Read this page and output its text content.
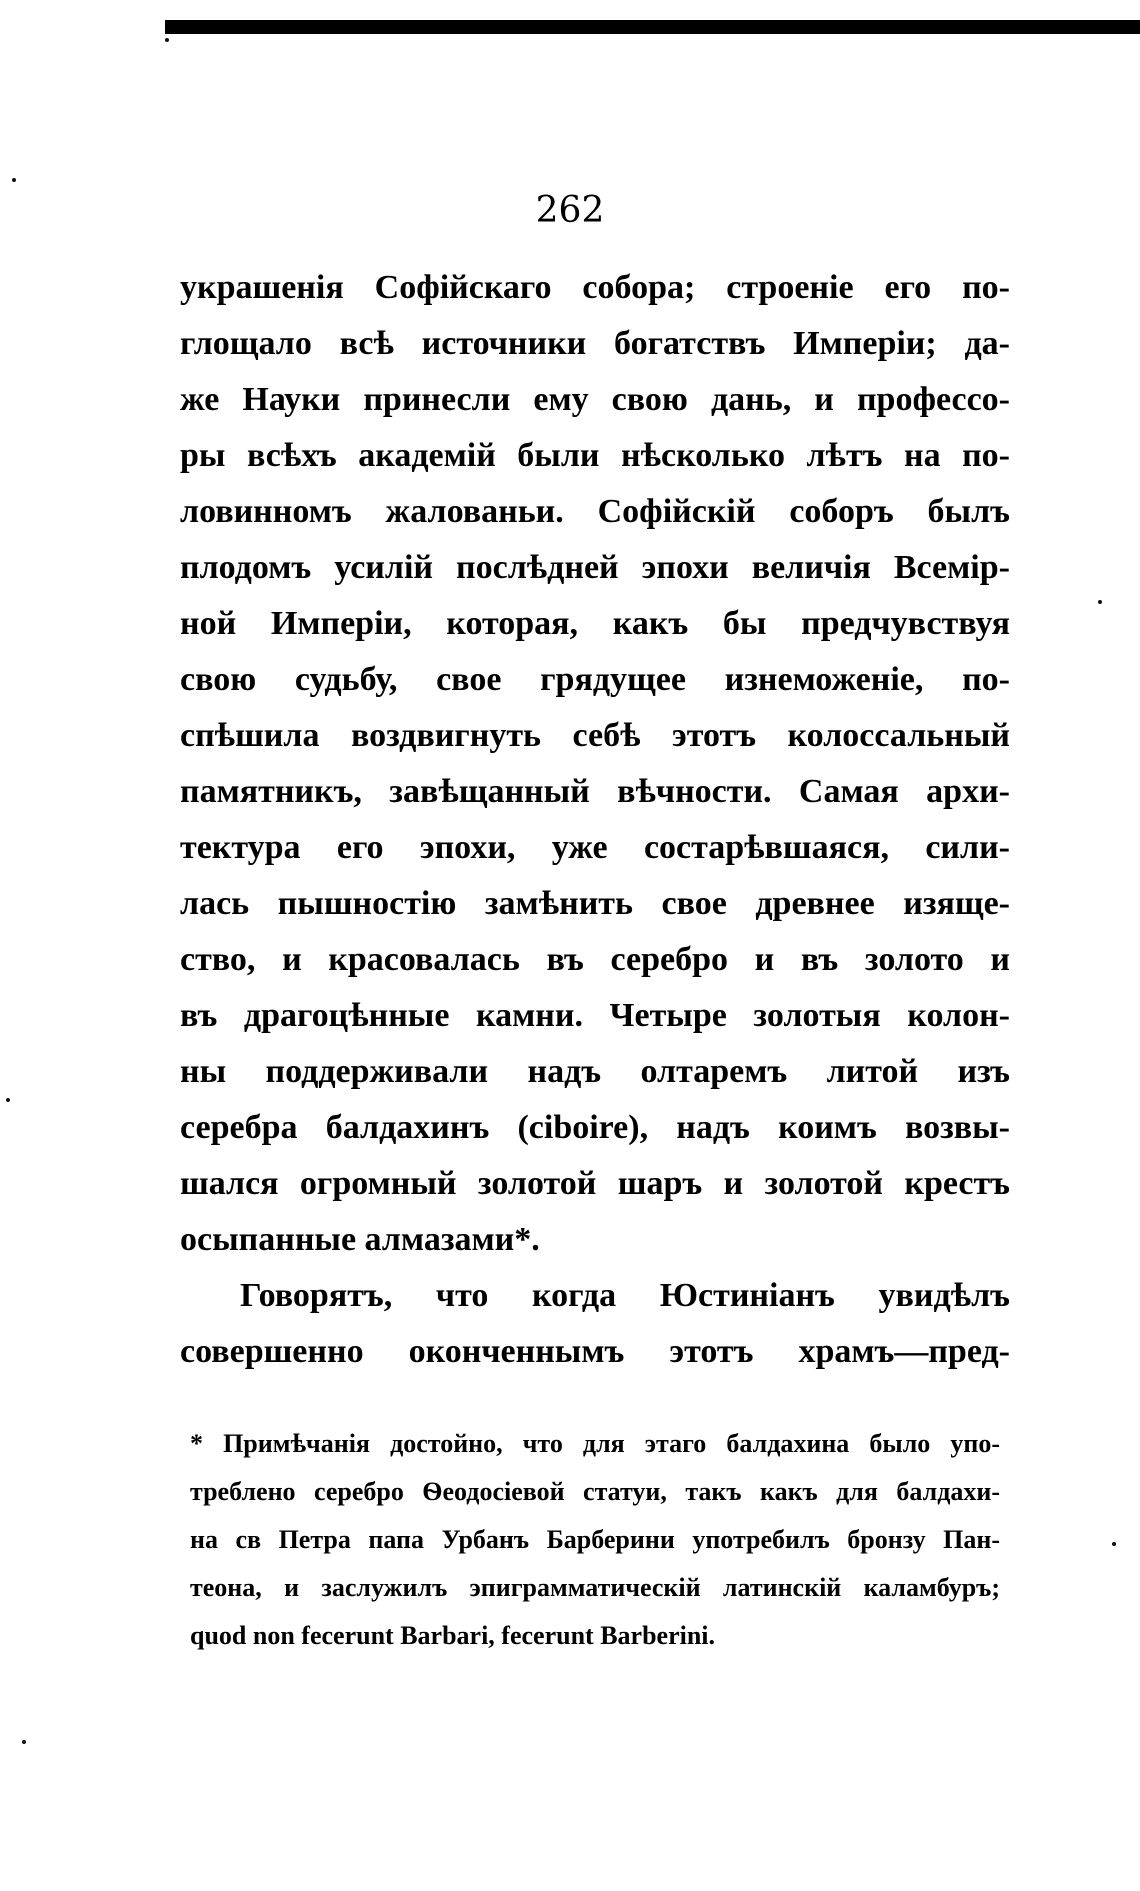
262
украшенія Софійскаго собора; строеніе его по-
глощало всѣ источники богатствъ Имперіи; да-
же Науки принесли ему свою дань, и профессо-
ры всѣхъ академій были нѣсколько лѣтъ на по-
ловинномъ жалованьи. Софійскій соборъ былъ
плодомъ усилій послѣдней эпохи величія Всемір-
ной Имперіи, которая, какъ бы предчувствуя
свою судьбу, свое грядущее изнеможеніе, по-
спѣшила воздвигнуть себѣ этотъ колоссальный
памятникъ, завѣщанный вѣчности. Самая архи-
тектура его эпохи, уже состарѣвшаяся, сили-
лась пышностію замѣнить свое древнее изяще-
ство, и красовалась въ серебро и въ золото и
въ драгоцѣнные камни. Четыре золотыя колон-
ны поддерживали надъ олтаремъ литой изъ
серебра балдахинъ (ciboire), надъ коимъ возвы-
шался огромный золотой шаръ и золотой крестъ
осыпанные алмазами*.
Говорятъ, что когда Юстиніанъ увидѣлъ
совершенно оконченнымъ этотъ храмъ—пред-
* Примѣчанія достойно, что для этаго балдахина было упо-
треблено серебро Ѳеодосіевой статуи, такъ какъ для балдахи-
на св Петра папа Урбанъ Барберини употребилъ бронзу Пан-
теона, и заслужилъ эпиграмматическій латинскій каламбуръ;
quod non fecerunt Barbari, fecerunt Barberini.
